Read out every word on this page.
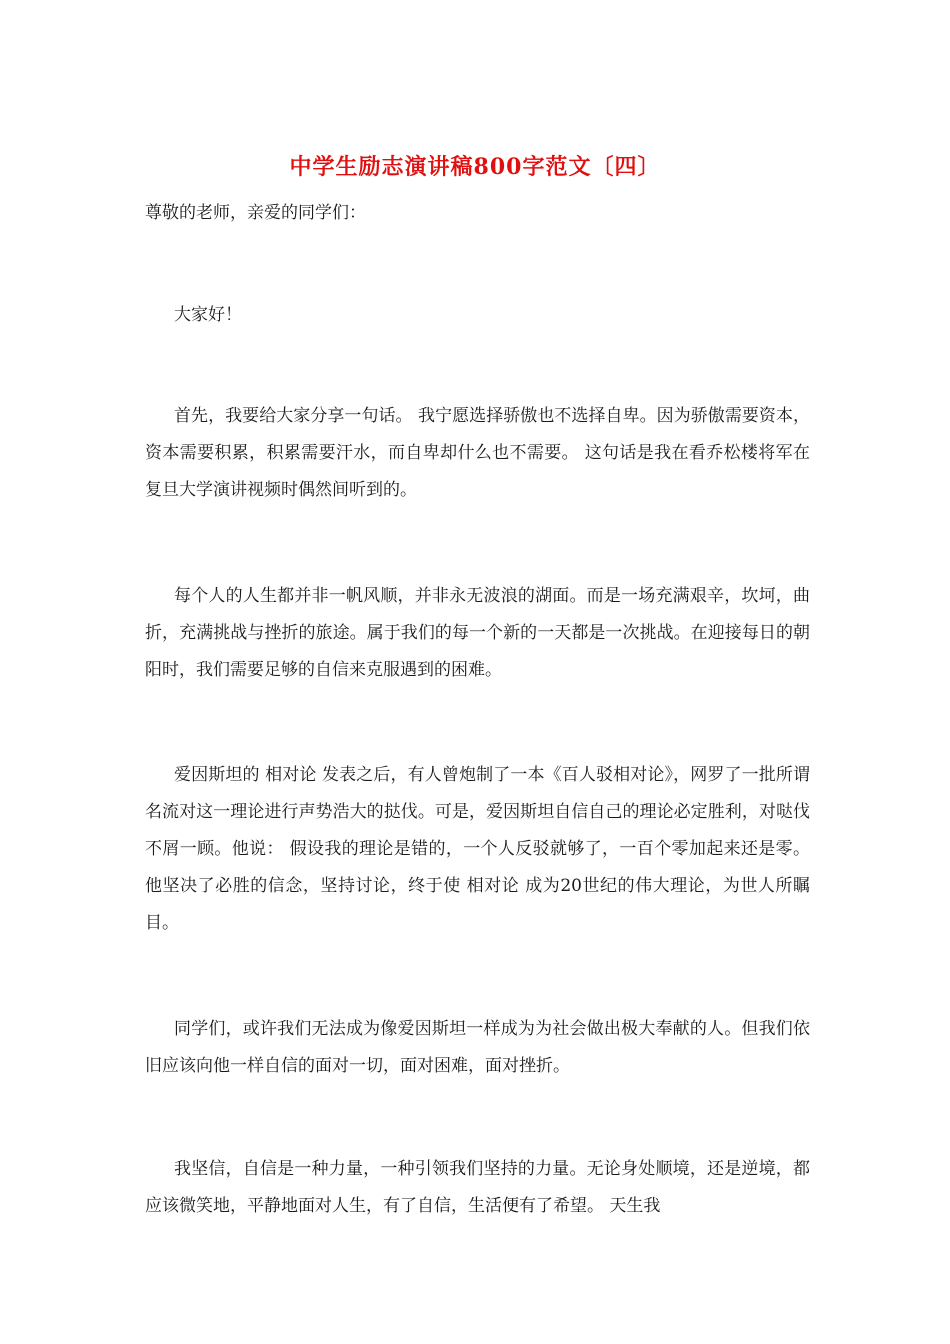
中学生励志演讲稿800字范文〔四〕

尊敬的老师，亲爱的同学们：

大家好！

首先，我要给大家分享一句话。 我宁愿选择骄傲也不选择自卑。因为骄傲需要资本，资本需要积累，积累需要汗水，而自卑却什么也不需要。 这句话是我在看乔松楼将军在复旦大学演讲视频时偶然间听到的。

每个人的人生都并非一帆风顺，并非永无波浪的湖面。而是一场充满艰辛，坎坷，曲折，充满挑战与挫折的旅途。属于我们的每一个新的一天都是一次挑战。在迎接每日的朝阳时，我们需要足够的自信来克服遇到的困难。

爱因斯坦的 相对论 发表之后，有人曾炮制了一本《百人驳相对论》，网罗了一批所谓名流对这一理论进行声势浩大的挞伐。可是，爱因斯坦自信自己的理论必定胜利，对哒伐不屑一顾。他说： 假设我的理论是错的，一个人反驳就够了，一百个零加起来还是零。 他坚决了必胜的信念，坚持讨论，终于使 相对论 成为20世纪的伟大理论，为世人所瞩目。

同学们，或许我们无法成为像爱因斯坦一样成为为社会做出极大奉献的人。但我们依旧应该向他一样自信的面对一切，面对困难，面对挫折。

我坚信，自信是一种力量，一种引领我们坚持的力量。无论身处顺境，还是逆境，都应该微笑地，平静地面对人生，有了自信，生活便有了希望。 天生我
